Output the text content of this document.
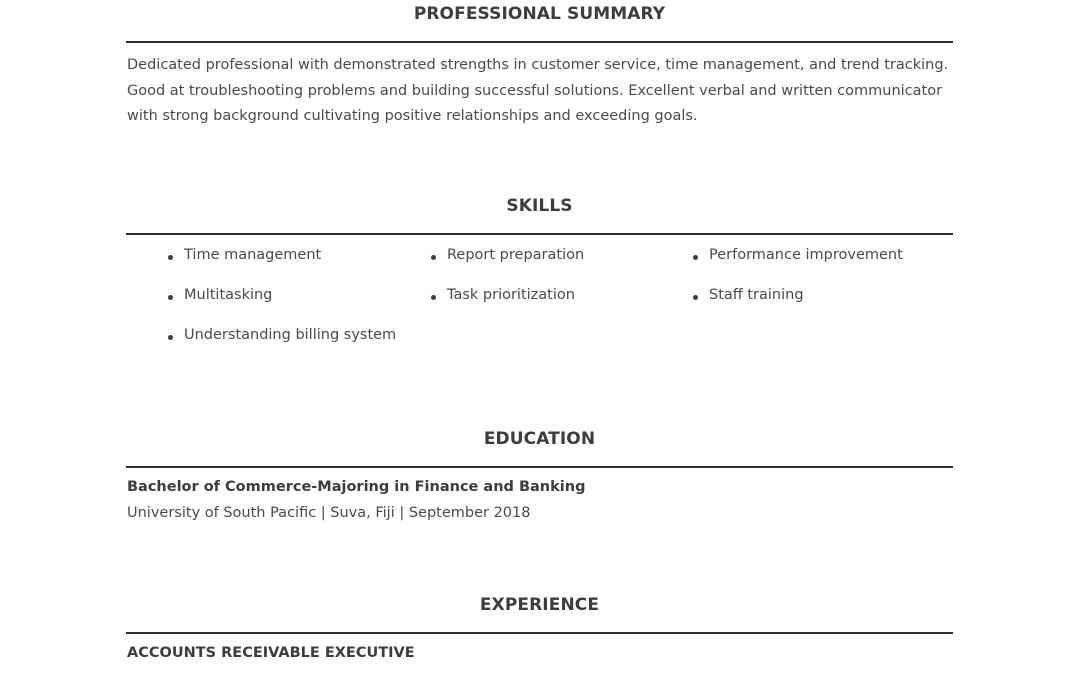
PROFESSIONAL SUMMARY

Dedicated professional with demonstrated strengths in customer service, time management, and trend tracking. Good at troubleshooting problems and building successful solutions. Excellent verbal and written communicator with strong background cultivating positive relationships and exceeding goals.

SKILLS
Time management	Report preparation	Performance improvement
Multitasking	Task prioritization	Staff training
Understanding billing system
EDUCATION
Bachelor of Commerce-Majoring in Finance and Banking
University of South Pacific | Suva, Fiji | September 2018
EXPERIENCE
ACCOUNTS RECEIVABLE EXECUTIVE
